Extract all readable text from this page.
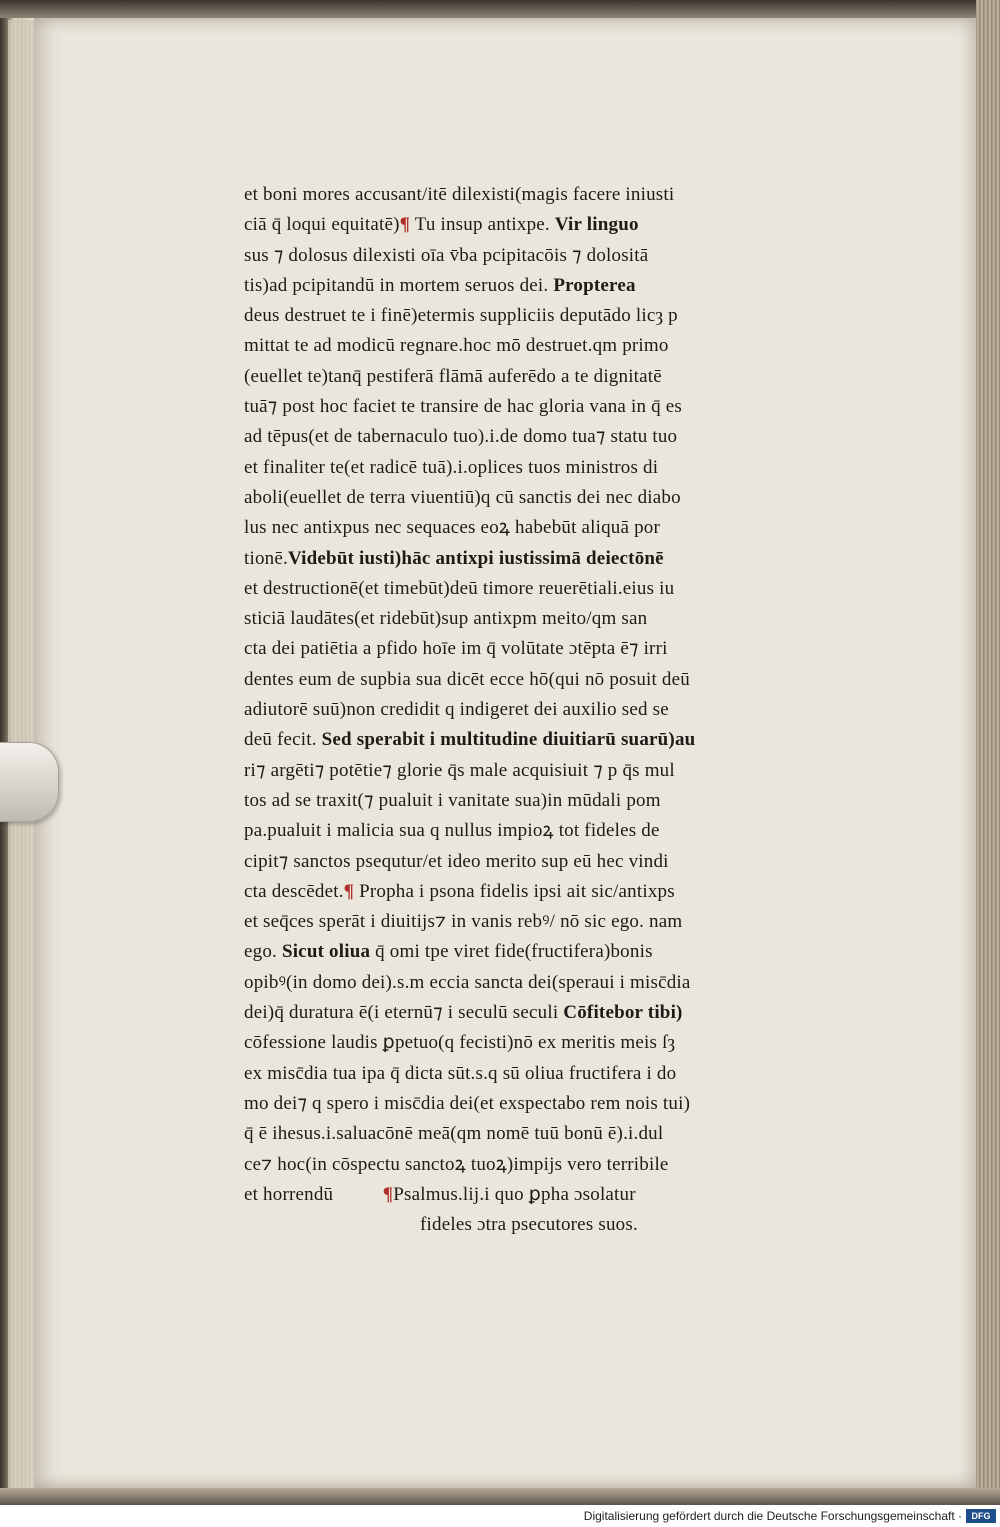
et boni mores accusant/itē dilexisti(magis facere iniusti
ciā q̄ loqui equitatē)¶ Tu insup antixpe. Vir linguo
sus ⁊ dolosus dilexisti oīa v̄ba pcipitacōis ⁊ dolositā
tis)ad pcipitandū in mortem seruos dei. Propterea
deus destruet te i finē)etermis suppliciis deputādo licȝ p
mittat te ad modicū regnare.hoc mō destruet.qm primo
(euellet te)tanq̄ pestiferā flāmā auferēdo a te dignitatē
tuā⁊ post hoc faciet te transire de hac gloria vana in q̄ es
ad tēpus(et de tabernaculo tuo).i.de domo tua⁊ statu tuo
et finaliter te(et radicē tuā).i.oplices tuos ministros di
aboli(euellet de terra viuentiū)q cū sanctis dei nec diabo
lus nec antixpus nec sequaces eoꝝ habebūt aliquā por
tionē.Videbūt iusti)hāc antixpi iustissimā deiectōnē
et destructionē(et timebūt)deū timore reuerētiali.eius iu
sticiā laudātes(et ridebūt)sup antixpm meito/qm san
cta dei patiētia a pfido hoīe im q̄ volūtate ɔtēpta ē⁊ irri
dentes eum de supbia sua dicēt ecce hō(qui nō posuit deū
adiutorē suū)non credidit q indigeret dei auxilio sed se
deū fecit. Sed sperabit i multitudine diuitiarū suarū)au
ri⁊ argēti⁊ potētie⁊ glorie q̄s male acquisiuit ⁊ p q̄s mul
tos ad se traxit(⁊ pualuit i vanitate sua)in mūdali pom
pa.pualuit i malicia sua q nullus impioꝝ tot fideles de
cipit⁊ sanctos psequtur/et ideo merito sup eū hec vindi
cta descēdet.¶ Propha i psona fidelis ipsi ait sic/antixps
et seq̄ces sperāt i diuitijs⁊ in vanis rebꝰ/ nō sic ego. nam
ego. Sicut oliua q̄ omi tpe viret fide(fructifera)bonis
opibꝰ(in domo dei).s.m eccia sancta dei(speraui i misc̄dia
dei)q̄ duratura ē(i eternū⁊ i seculū seculi Cōfitebor tibi)
cōfessione laudis ꝑpetuo(q fecisti)nō ex meritis meis ſȝ
ex misc̄dia tua ipa q̄ dicta sūt.s.q sū oliua fructifera i do
mo dei⁊ q spero i misc̄dia dei(et exspectabo rem nois tui)
q̄ ē ihesus.i.saluacōnē meā(qm nomē tuū bonū ē).i.dul
ce⁊ hoc(in cōspectu sanctoꝝ tuoꝝ)impijs vero terribile
et horrendū	¶Psalmus.lij.i quo ꝑpha ɔsolatur
fideles ɔtra psecutores suos.
Digitalisierung gefördert durch die Deutsche Forschungsgemeinschaft ·	DFG
